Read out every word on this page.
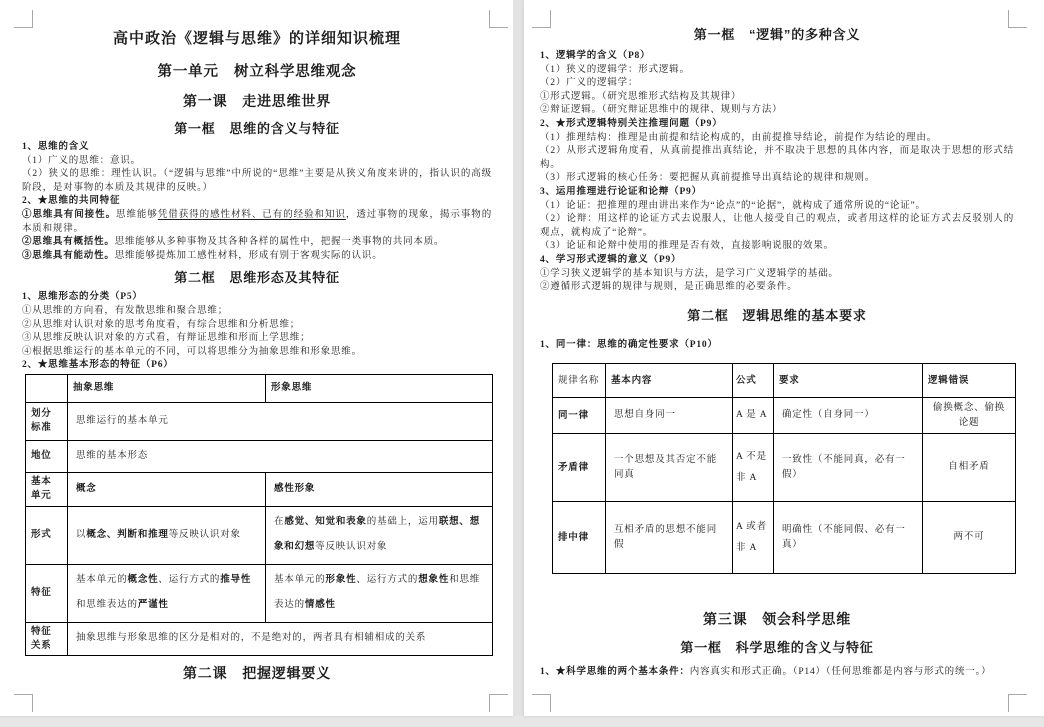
高中政治《逻辑与思维》的详细知识梳理
第一单元　树立科学思维观念
第一课　走进思维世界
第一框　思维的含义与特征

1、思维的含义

（1）广义的思维：意识。

（2）狭义的思维：理性认识。（“逻辑与思维”中所说的“思维”主要是从狭义角度来讲的，指认识的高级阶段，是对事物的本质及其规律的反映。）

2、★思维的共同特征

①思维具有间接性。思维能够凭借获得的感性材料、已有的经验和知识，透过事物的现象，揭示事物的本质和规律。

②思维具有概括性。思维能够从多种事物及其各种各样的属性中，把握一类事物的共同本质。

③思维具有能动性。思维能够提炼加工感性材料，形成有别于客观实际的认识。

第二框　思维形态及其特征

1、思维形态的分类（P5）

①从思维的方向看，有发散思维和聚合思维；

②从思维对认识对象的思考角度看，有综合思维和分析思维；

③从思维反映认识对象的方式看，有辩证思维和形而上学思维；

④根据思维运行的基本单元的不同，可以将思维分为抽象思维和形象思维。

2、★思维基本形态的特征（P6）

	抽象思维	形象思维
划分
标准	思维运行的基本单元	
地位	思维的基本形态	
基本
单元	概念	感性形象
形式	以概念、判断和推理等反映认识对象	在感觉、知觉和表象的基础上，运用联想、想象和幻想等反映认识对象
特征	基本单元的概念性、运行方式的推导性和思维表达的严谨性	基本单元的形象性、运行方式的想象性和思维表达的情感性
特征
关系	抽象思维与形象思维的区分是相对的，不是绝对的，两者具有相辅相成的关系	
第二课　把握逻辑要义
第一框　“逻辑”的多种含义

1、逻辑学的含义（P8）

（1）狭义的逻辑学：形式逻辑。

（2）广义的逻辑学：

①形式逻辑。（研究思维形式结构及其规律）

②辩证逻辑。（研究辩证思维中的规律、规则与方法）

2、★形式逻辑特别关注推理问题（P9）

（1）推理结构：推理是由前提和结论构成的，由前提推导结论，前提作为结论的理由。

（2）从形式逻辑角度看，从真前提推出真结论，并不取决于思想的具体内容，而是取决于思想的形式结构。

（3）形式逻辑的核心任务：要把握从真前提推导出真结论的规律和规则。

3、运用推理进行论证和论辩（P9）

（1）论证：把推理的理由讲出来作为“论点”的“论据”，就构成了通常所说的“论证”。

（2）论辩：用这样的论证方式去说服人，让他人接受自己的观点，或者用这样的论证方式去反驳别人的观点，就构成了“论辩”。

（3）论证和论辩中使用的推理是否有效，直接影响说服的效果。

4、学习形式逻辑的意义（P9）

①学习狭义逻辑学的基本知识与方法，是学习广义逻辑学的基础。

②遵循形式逻辑的规律与规则，是正确思维的必要条件。

第二框　逻辑思维的基本要求

1、同一律：思维的确定性要求（P10）

规律名称	基本内容	公式	要求	逻辑错误
同一律	思想自身同一	A 是 A	确定性（自身同一）	偷换概念、偷换论题
矛盾律	一个思想及其否定不能同真	A 不是
非 A	一致性（不能同真，必有一假）	自相矛盾
排中律	互相矛盾的思想不能同假	A 或者
非 A	明确性（不能同假、必有一真）	两不可
第三课　领会科学思维
第一框　科学思维的含义与特征

1、★科学思维的两个基本条件：内容真实和形式正确。（P14）（任何思维都是内容与形式的统一。）
